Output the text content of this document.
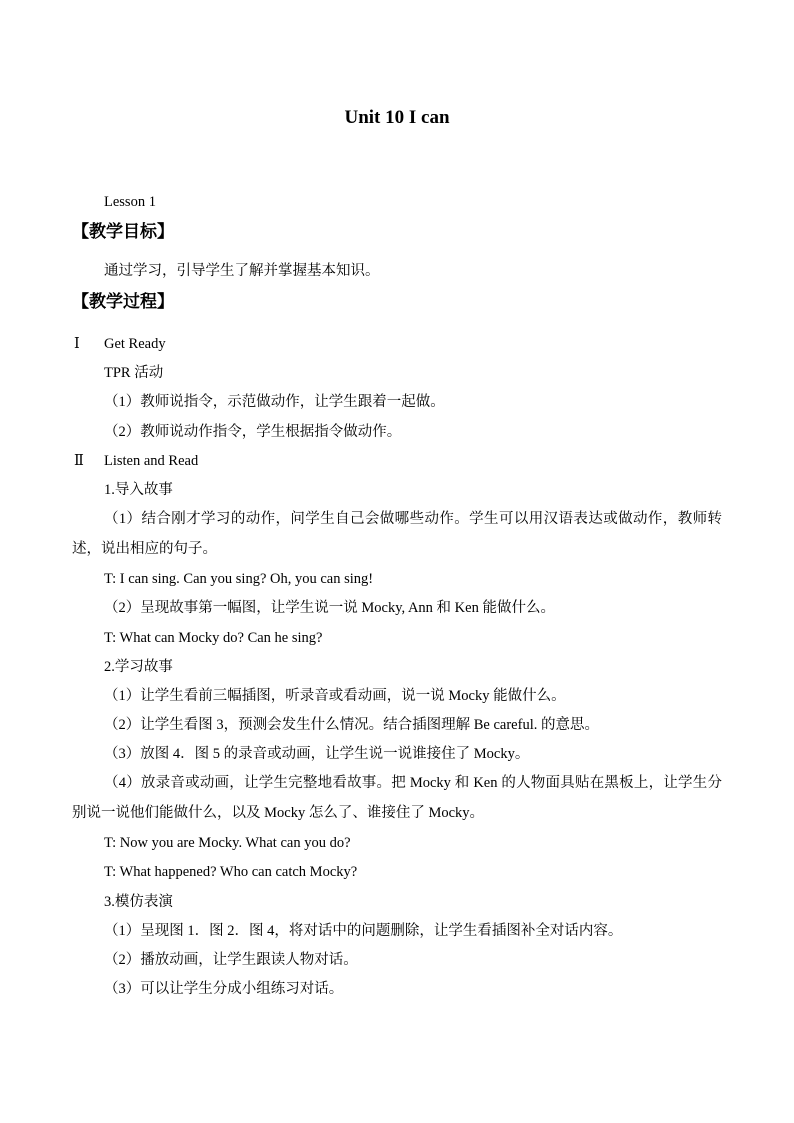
Unit 10 I can
Lesson 1
【教学目标】
通过学习，引导学生了解并掌握基本知识。
【教学过程】
Ⅰ Get Ready
TPR 活动
（1）教师说指令，示范做动作，让学生跟着一起做。
（2）教师说动作指令，学生根据指令做动作。
Ⅱ Listen and Read
1.导入故事
（1）结合刚才学习的动作，问学生自己会做哪些动作。学生可以用汉语表达或做动作，教师转述，说出相应的句子。
T: I can sing. Can you sing? Oh, you can sing!
（2）呈现故事第一幅图，让学生说一说 Mocky, Ann 和 Ken 能做什么。
T: What can Mocky do? Can he sing?
2.学习故事
（1）让学生看前三幅插图，听录音或看动画，说一说 Mocky 能做什么。
（2）让学生看图 3，预测会发生什么情况。结合插图理解 Be careful. 的意思。
（3）放图 4．图 5 的录音或动画，让学生说一说谁接住了 Mocky。
（4）放录音或动画，让学生完整地看故事。把 Mocky 和 Ken 的人物面具贴在黑板上，让学生分别说一说他们能做什么，以及 Mocky 怎么了、谁接住了 Mocky。
T: Now you are Mocky. What can you do?
T: What happened? Who can catch Mocky?
3.模仿表演
（1）呈现图 1．图 2．图 4，将对话中的问题删除，让学生看插图补全对话内容。
（2）播放动画，让学生跟读人物对话。
（3）可以让学生分成小组练习对话。
